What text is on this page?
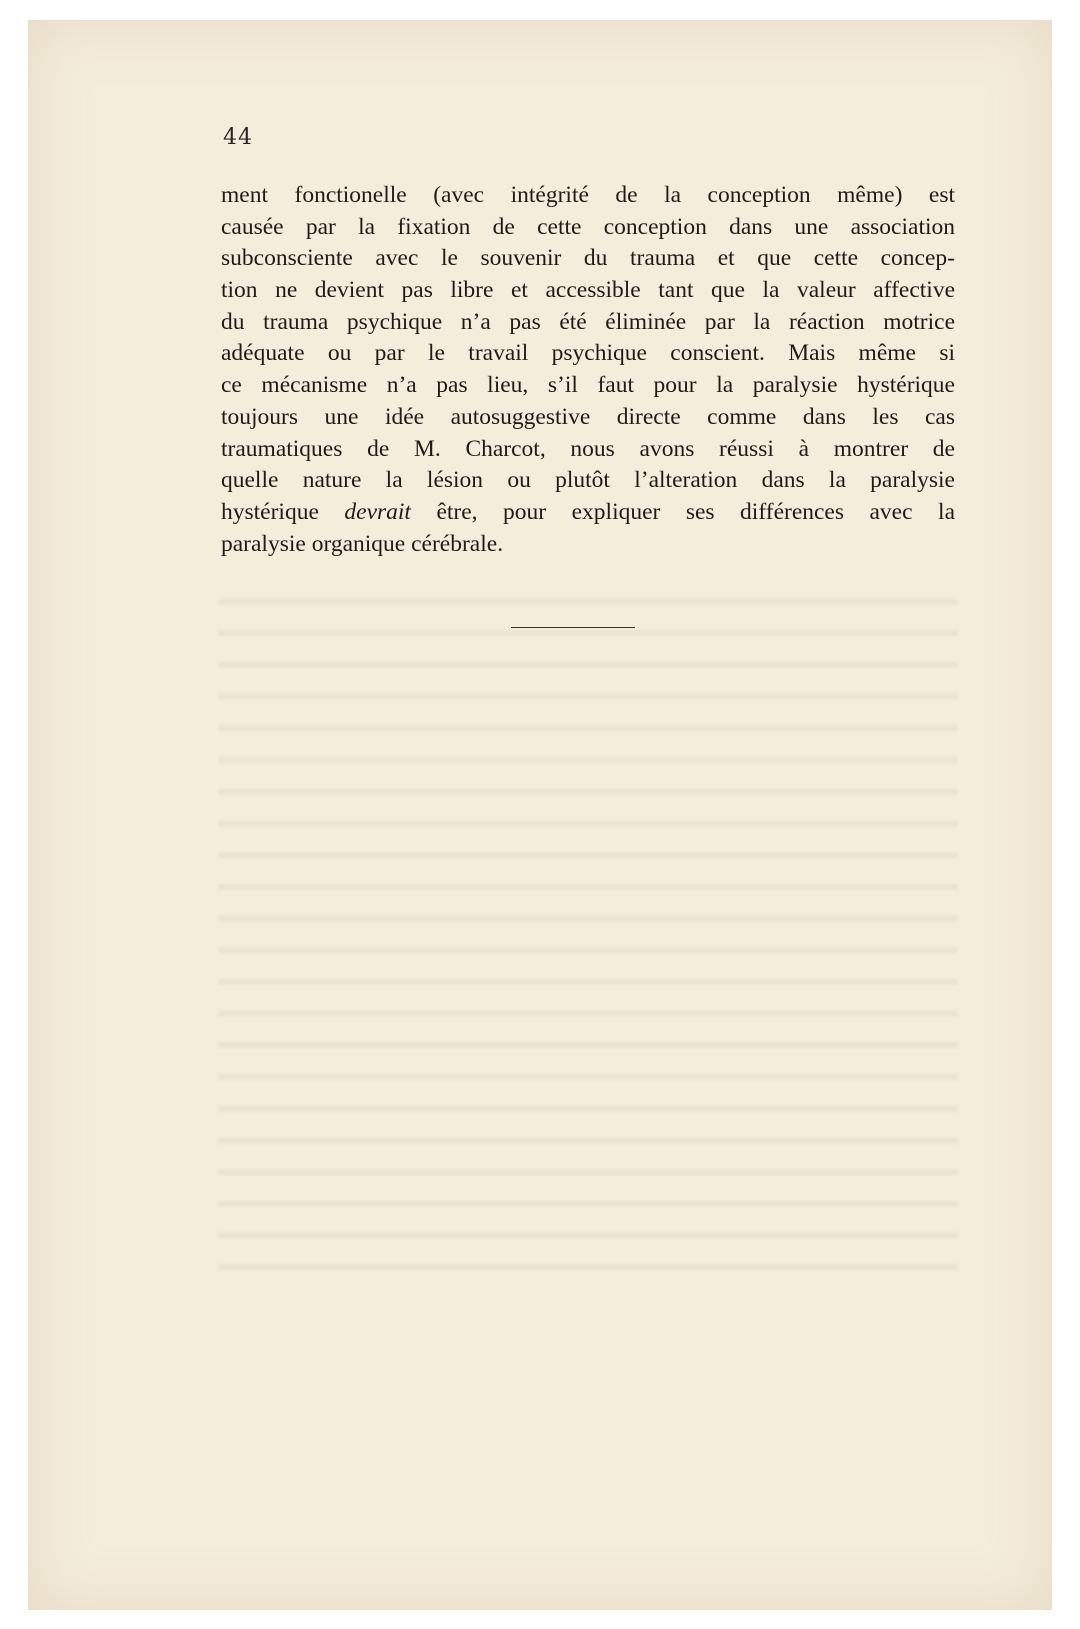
44
ment fonctionelle (avec intégrité de la conception même) est
causée par la fixation de cette conception dans une association
subconsciente avec le souvenir du trauma et que cette concep-
tion ne devient pas libre et accessible tant que la valeur affective
du trauma psychique n’a pas été éliminée par la réaction motrice
adéquate ou par le travail psychique conscient. Mais même si
ce mécanisme n’a pas lieu, s’il faut pour la paralysie hystérique
toujours une idée autosuggestive directe comme dans les cas
traumatiques de M. Charcot, nous avons réussi à montrer de
quelle nature la lésion ou plutôt l’alteration dans la paralysie
hystérique devrait être, pour expliquer ses différences avec la
paralysie organique cérébrale.
